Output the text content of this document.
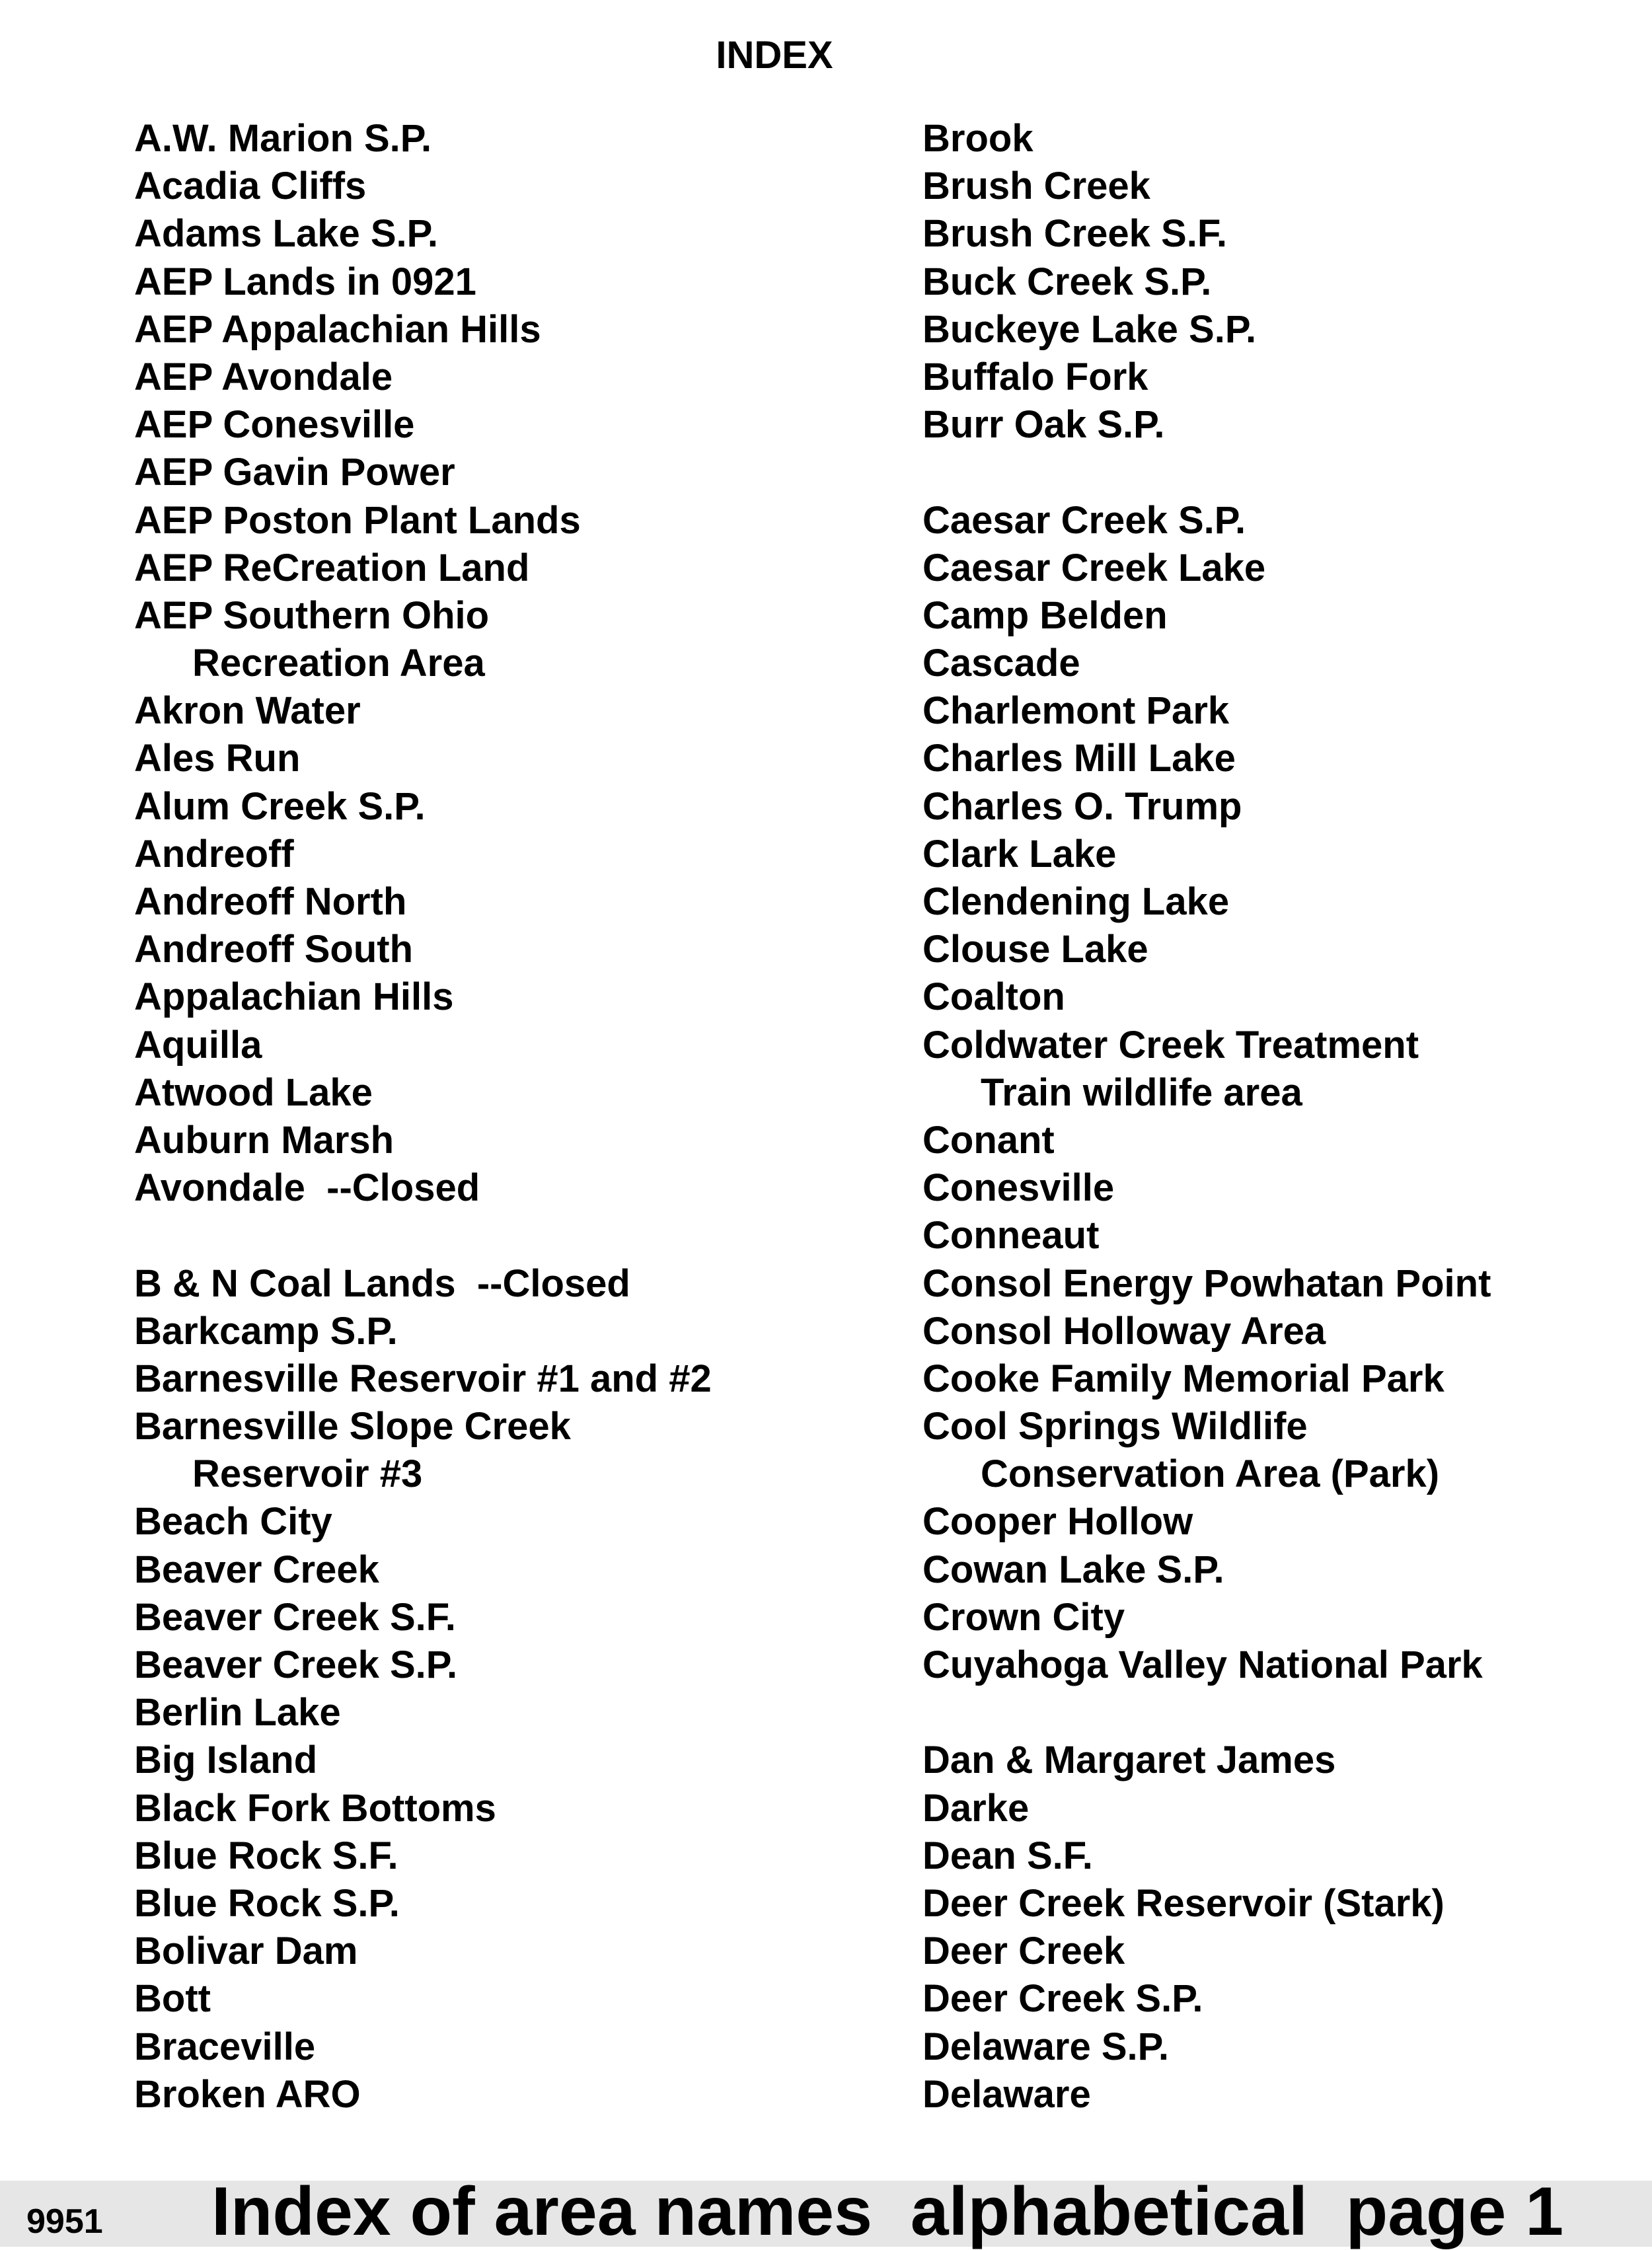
INDEX
A.W. Marion S.P.
Acadia Cliffs
Adams Lake S.P.
AEP Lands in 0921
AEP Appalachian Hills
AEP Avondale
AEP Conesville
AEP Gavin Power
AEP Poston Plant Lands
AEP ReCreation Land
AEP Southern Ohio
Recreation Area
Akron Water
Ales Run
Alum Creek S.P.
Andreoff
Andreoff North
Andreoff South
Appalachian Hills
Aquilla
Atwood Lake
Auburn Marsh
Avondale  --Closed
B & N Coal Lands  --Closed
Barkcamp S.P.
Barnesville Reservoir #1 and #2
Barnesville Slope Creek
Reservoir #3
Beach City
Beaver Creek
Beaver Creek S.F.
Beaver Creek S.P.
Berlin Lake
Big Island
Black Fork Bottoms
Blue Rock S.F.
Blue Rock S.P.
Bolivar Dam
Bott
Braceville
Broken ARO
Brook
Brush Creek
Brush Creek S.F.
Buck Creek S.P.
Buckeye Lake S.P.
Buffalo Fork
Burr Oak S.P.
Caesar Creek S.P.
Caesar Creek Lake
Camp Belden
Cascade
Charlemont Park
Charles Mill Lake
Charles O. Trump
Clark Lake
Clendening Lake
Clouse Lake
Coalton
Coldwater Creek Treatment
Train wildlife area
Conant
Conesville
Conneaut
Consol Energy Powhatan Point
Consol Holloway Area
Cooke Family Memorial Park
Cool Springs Wildlife
Conservation Area (Park)
Cooper Hollow
Cowan Lake S.P.
Crown City
Cuyahoga Valley National Park
Dan & Margaret James
Darke
Dean S.F.
Deer Creek Reservoir (Stark)
Deer Creek
Deer Creek S.P.
Delaware S.P.
Delaware
9951 Index of area names  alphabetical  page 1
